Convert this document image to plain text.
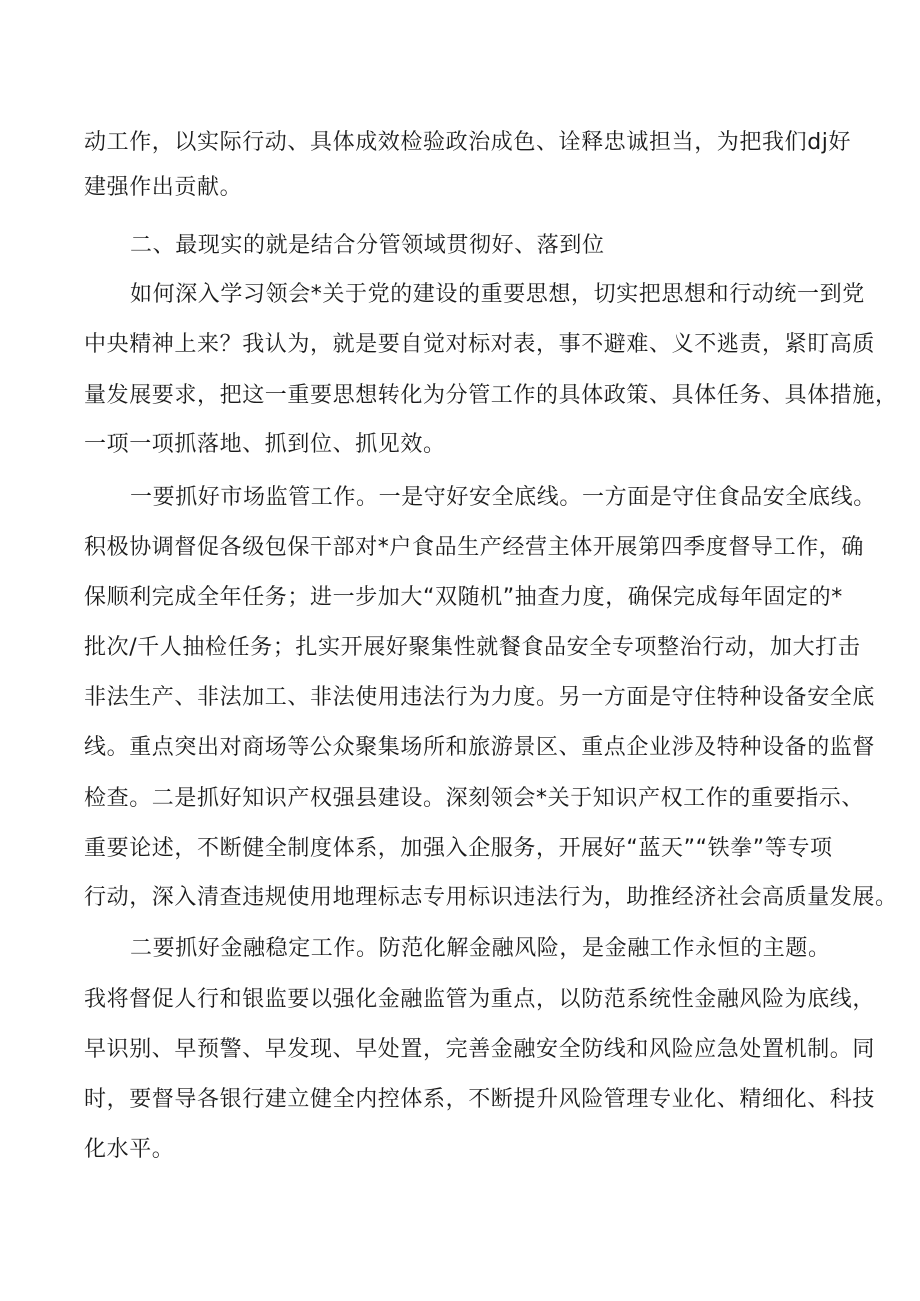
动工作，以实际行动、具体成效检验政治成色、诠释忠诚担当，为把我们dj好
建强作出贡献。
二、最现实的就是结合分管领域贯彻好、落到位
如何深入学习领会*关于党的建设的重要思想，切实把思想和行动统一到党
中央精神上来？我认为，就是要自觉对标对表，事不避难、义不逃责，紧盯高质
量发展要求，把这一重要思想转化为分管工作的具体政策、具体任务、具体措施，
一项一项抓落地、抓到位、抓见效。
一要抓好市场监管工作。一是守好安全底线。一方面是守住食品安全底线。
积极协调督促各级包保干部对*户食品生产经营主体开展第四季度督导工作，确
保顺利完成全年任务；进一步加大“双随机”抽查力度，确保完成每年固定的*
批次/千人抽检任务；扎实开展好聚集性就餐食品安全专项整治行动，加大打击
非法生产、非法加工、非法使用违法行为力度。另一方面是守住特种设备安全底
线。重点突出对商场等公众聚集场所和旅游景区、重点企业涉及特种设备的监督
检查。二是抓好知识产权强县建设。深刻领会*关于知识产权工作的重要指示、
重要论述，不断健全制度体系，加强入企服务，开展好“蓝天”“铁拳”等专项
行动，深入清查违规使用地理标志专用标识违法行为，助推经济社会高质量发展。
二要抓好金融稳定工作。防范化解金融风险，是金融工作永恒的主题。
我将督促人行和银监要以强化金融监管为重点，以防范系统性金融风险为底线，
早识别、早预警、早发现、早处置，完善金融安全防线和风险应急处置机制。同
时，要督导各银行建立健全内控体系，不断提升风险管理专业化、精细化、科技
化水平。
